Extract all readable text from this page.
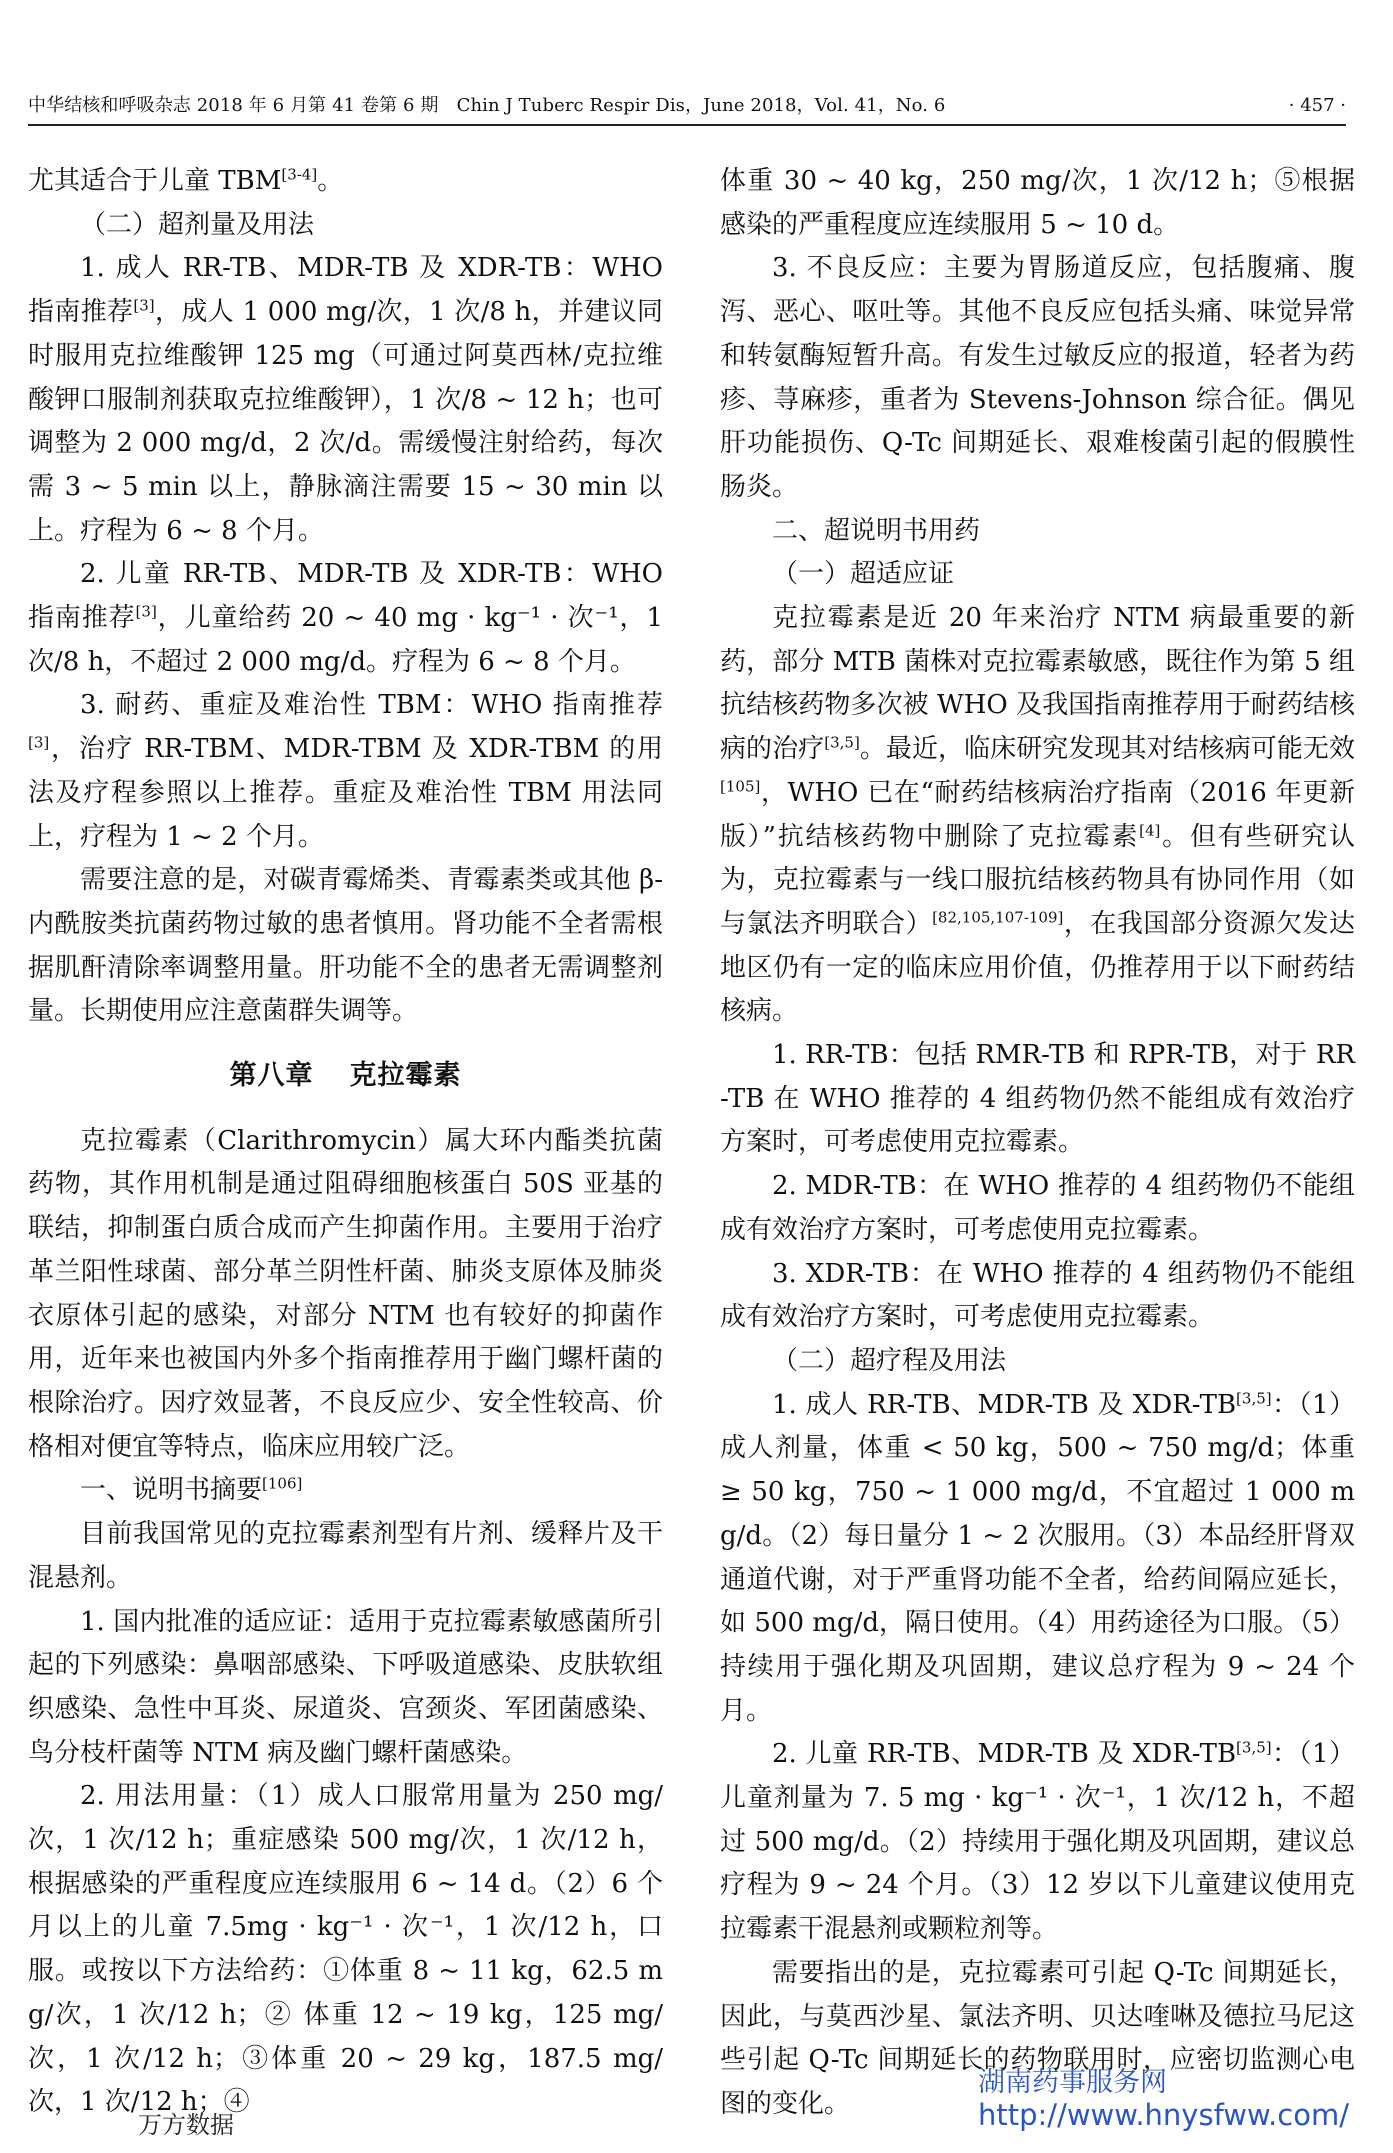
中华结核和呼吸杂志 2018 年 6 月第 41 卷第 6 期　Chin J Tuberc Respir Dis，June 2018，Vol. 41，No. 6	· 457 ·

尤其适合于儿童 TBM[3-4]。

（二）超剂量及用法

1. 成人 RR-TB、MDR-TB 及 XDR-TB：WHO 指南推荐[3]，成人 1 000 mg/次，1 次/8 h，并建议同时服用克拉维酸钾 125 mg（可通过阿莫西林/克拉维酸钾口服制剂获取克拉维酸钾），1 次/8 ~ 12 h；也可调整为 2 000 mg/d，2 次/d。需缓慢注射给药，每次需 3 ~ 5 min 以上，静脉滴注需要 15 ~ 30 min 以上。疗程为 6 ~ 8 个月。

2. 儿童 RR-TB、MDR-TB 及 XDR-TB：WHO 指南推荐[3]，儿童给药 20 ~ 40 mg · kg⁻¹ · 次⁻¹，1 次/8 h，不超过 2 000 mg/d。疗程为 6 ~ 8 个月。

3. 耐药、重症及难治性 TBM：WHO 指南推荐[3]，治疗 RR-TBM、MDR-TBM 及 XDR-TBM 的用法及疗程参照以上推荐。重症及难治性 TBM 用法同上，疗程为 1 ~ 2 个月。

需要注意的是，对碳青霉烯类、青霉素类或其他 β-内酰胺类抗菌药物过敏的患者慎用。肾功能不全者需根据肌酐清除率调整用量。肝功能不全的患者无需调整剂量。长期使用应注意菌群失调等。

第八章 克拉霉素

克拉霉素（Clarithromycin）属大环内酯类抗菌药物，其作用机制是通过阻碍细胞核蛋白 50S 亚基的联结，抑制蛋白质合成而产生抑菌作用。主要用于治疗革兰阳性球菌、部分革兰阴性杆菌、肺炎支原体及肺炎衣原体引起的感染，对部分 NTM 也有较好的抑菌作用，近年来也被国内外多个指南推荐用于幽门螺杆菌的根除治疗。因疗效显著，不良反应少、安全性较高、价格相对便宜等特点，临床应用较广泛。

一、说明书摘要[106]

目前我国常见的克拉霉素剂型有片剂、缓释片及干混悬剂。

1. 国内批准的适应证：适用于克拉霉素敏感菌所引起的下列感染：鼻咽部感染、下呼吸道感染、皮肤软组织感染、急性中耳炎、尿道炎、宫颈炎、军团菌感染、鸟分枝杆菌等 NTM 病及幽门螺杆菌感染。

2. 用法用量：（1）成人口服常用量为 250 mg/次，1 次/12 h；重症感染 500 mg/次，1 次/12 h，根据感染的严重程度应连续服用 6 ~ 14 d。（2）6 个月以上的儿童 7.5mg · kg⁻¹ · 次⁻¹，1 次/12 h，口服。或按以下方法给药：①体重 8 ~ 11 kg，62.5 mg/次，1 次/12 h；② 体重 12 ~ 19 kg，125 mg/次，1 次/12 h；③体重 20 ~ 29 kg，187.5 mg/次，1 次/12 h；④

体重 30 ~ 40 kg，250 mg/次，1 次/12 h；⑤根据感染的严重程度应连续服用 5 ~ 10 d。

3. 不良反应：主要为胃肠道反应，包括腹痛、腹泻、恶心、呕吐等。其他不良反应包括头痛、味觉异常和转氨酶短暂升高。有发生过敏反应的报道，轻者为药疹、荨麻疹，重者为 Stevens-Johnson 综合征。偶见肝功能损伤、Q-Tc 间期延长、艰难梭菌引起的假膜性肠炎。

二、超说明书用药

（一）超适应证

克拉霉素是近 20 年来治疗 NTM 病最重要的新药，部分 MTB 菌株对克拉霉素敏感，既往作为第 5 组抗结核药物多次被 WHO 及我国指南推荐用于耐药结核病的治疗[3,5]。最近，临床研究发现其对结核病可能无效[105]，WHO 已在“耐药结核病治疗指南（2016 年更新版）”抗结核药物中删除了克拉霉素[4]。但有些研究认为，克拉霉素与一线口服抗结核药物具有协同作用（如与氯法齐明联合）[82,105,107-109]，在我国部分资源欠发达地区仍有一定的临床应用价值，仍推荐用于以下耐药结核病。

1. RR-TB：包括 RMR-TB 和 RPR-TB，对于 RR-TB 在 WHO 推荐的 4 组药物仍然不能组成有效治疗方案时，可考虑使用克拉霉素。

2. MDR-TB：在 WHO 推荐的 4 组药物仍不能组成有效治疗方案时，可考虑使用克拉霉素。

3. XDR-TB：在 WHO 推荐的 4 组药物仍不能组成有效治疗方案时，可考虑使用克拉霉素。

（二）超疗程及用法

1. 成人 RR-TB、MDR-TB 及 XDR-TB[3,5]：（1）成人剂量，体重 < 50 kg，500 ~ 750 mg/d；体重 ≥ 50 kg，750 ~ 1 000 mg/d，不宜超过 1 000 mg/d。（2）每日量分 1 ~ 2 次服用。（3）本品经肝肾双通道代谢，对于严重肾功能不全者，给药间隔应延长，如 500 mg/d，隔日使用。（4）用药途径为口服。（5）持续用于强化期及巩固期，建议总疗程为 9 ~ 24 个月。

2. 儿童 RR-TB、MDR-TB 及 XDR-TB[3,5]：（1）儿童剂量为 7. 5 mg · kg⁻¹ · 次⁻¹，1 次/12 h，不超过 500 mg/d。（2）持续用于强化期及巩固期，建议总疗程为 9 ~ 24 个月。（3）12 岁以下儿童建议使用克拉霉素干混悬剂或颗粒剂等。

需要指出的是，克拉霉素可引起 Q-Tc 间期延长，因此，与莫西沙星、氯法齐明、贝达喹啉及德拉马尼这些引起 Q-Tc 间期延长的药物联用时，应密切监测心电图的变化。

万方数据
湖南药事服务网
http://www.hnysfww.com/
